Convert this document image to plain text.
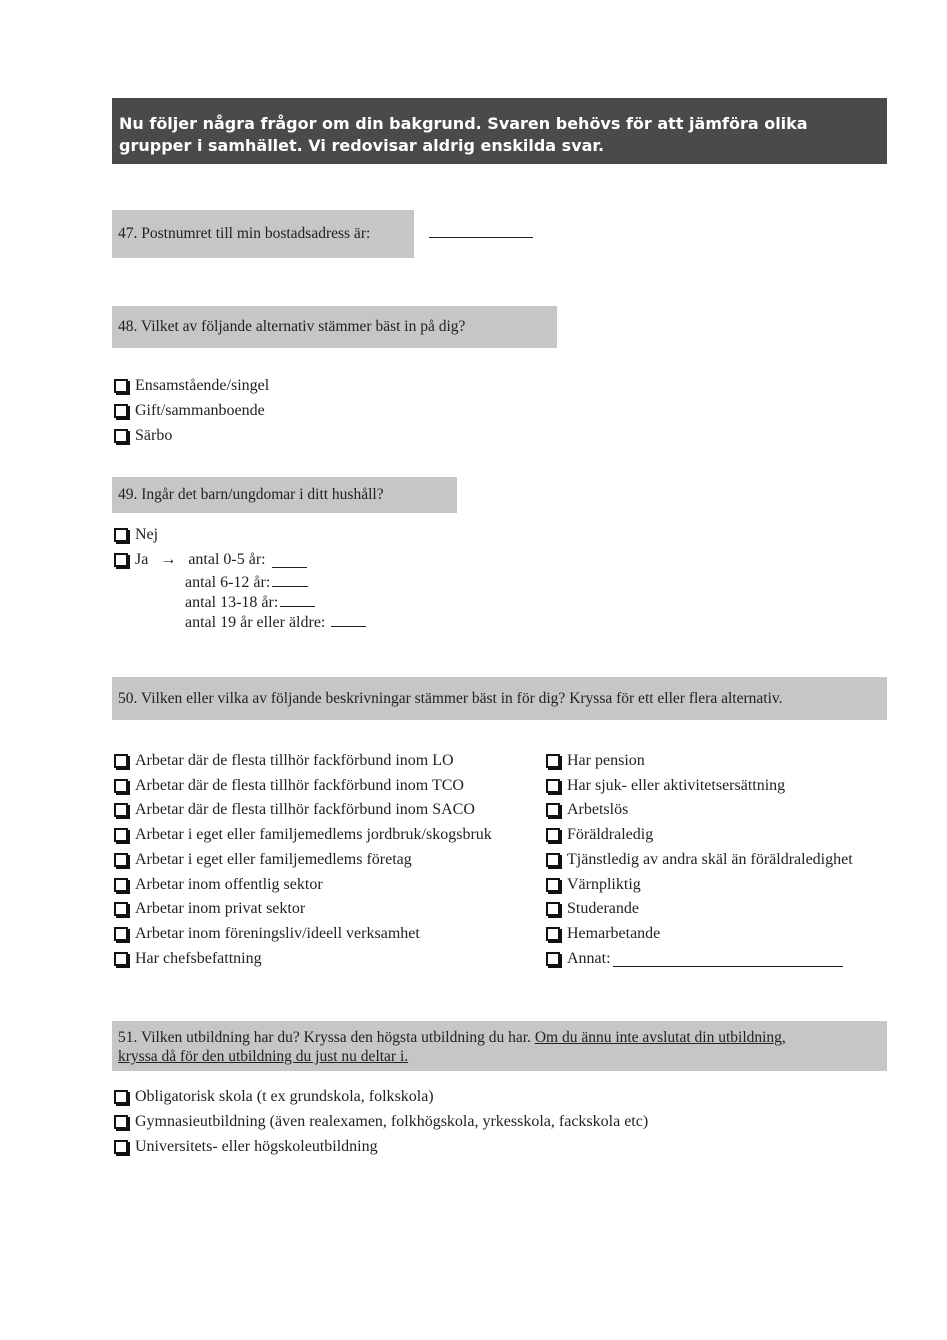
Nu följer några frågor om din bakgrund. Svaren behövs för att jämföra olika
grupper i samhället. Vi redovisar aldrig enskilda svar.
47. Postnumret till min bostadsadress är:
48. Vilket av följande alternativ stämmer bäst in på dig?
Ensamstående/singel
Gift/sammanboende
Särbo
49. Ingår det barn/ungdomar i ditt hushåll?
Nej
Ja → antal 0-5 år:
antal 6-12 år:
antal 13-18 år:
antal 19 år eller äldre:
50. Vilken eller vilka av följande beskrivningar stämmer bäst in för dig?
Kryssa för ett eller flera alternativ.
Arbetar där de flesta tillhör fackförbund inom LO
Arbetar där de flesta tillhör fackförbund inom TCO
Arbetar där de flesta tillhör fackförbund inom SACO
Arbetar i eget eller familjemedlems jordbruk/skogsbruk
Arbetar i eget eller familjemedlems företag
Arbetar inom offentlig sektor
Arbetar inom privat sektor
Arbetar inom föreningsliv/ideell verksamhet
Har chefsbefattning
Har pension
Har sjuk- eller aktivitetsersättning
Arbetslös
Föräldraledig
Tjänstledig av andra skäl än föräldraledighet
Värnpliktig
Studerande
Hemarbetande
Annat:
51. Vilken utbildning har du? Kryssa den högsta utbildning du har. Om du ännu inte avslutat din utbildning,
kryssa då för den utbildning du just nu deltar i.
Obligatorisk skola (t ex grundskola, folkskola)
Gymnasieutbildning (även realexamen, folkhögskola, yrkesskola, fackskola etc)
Universitets- eller högskoleutbildning
